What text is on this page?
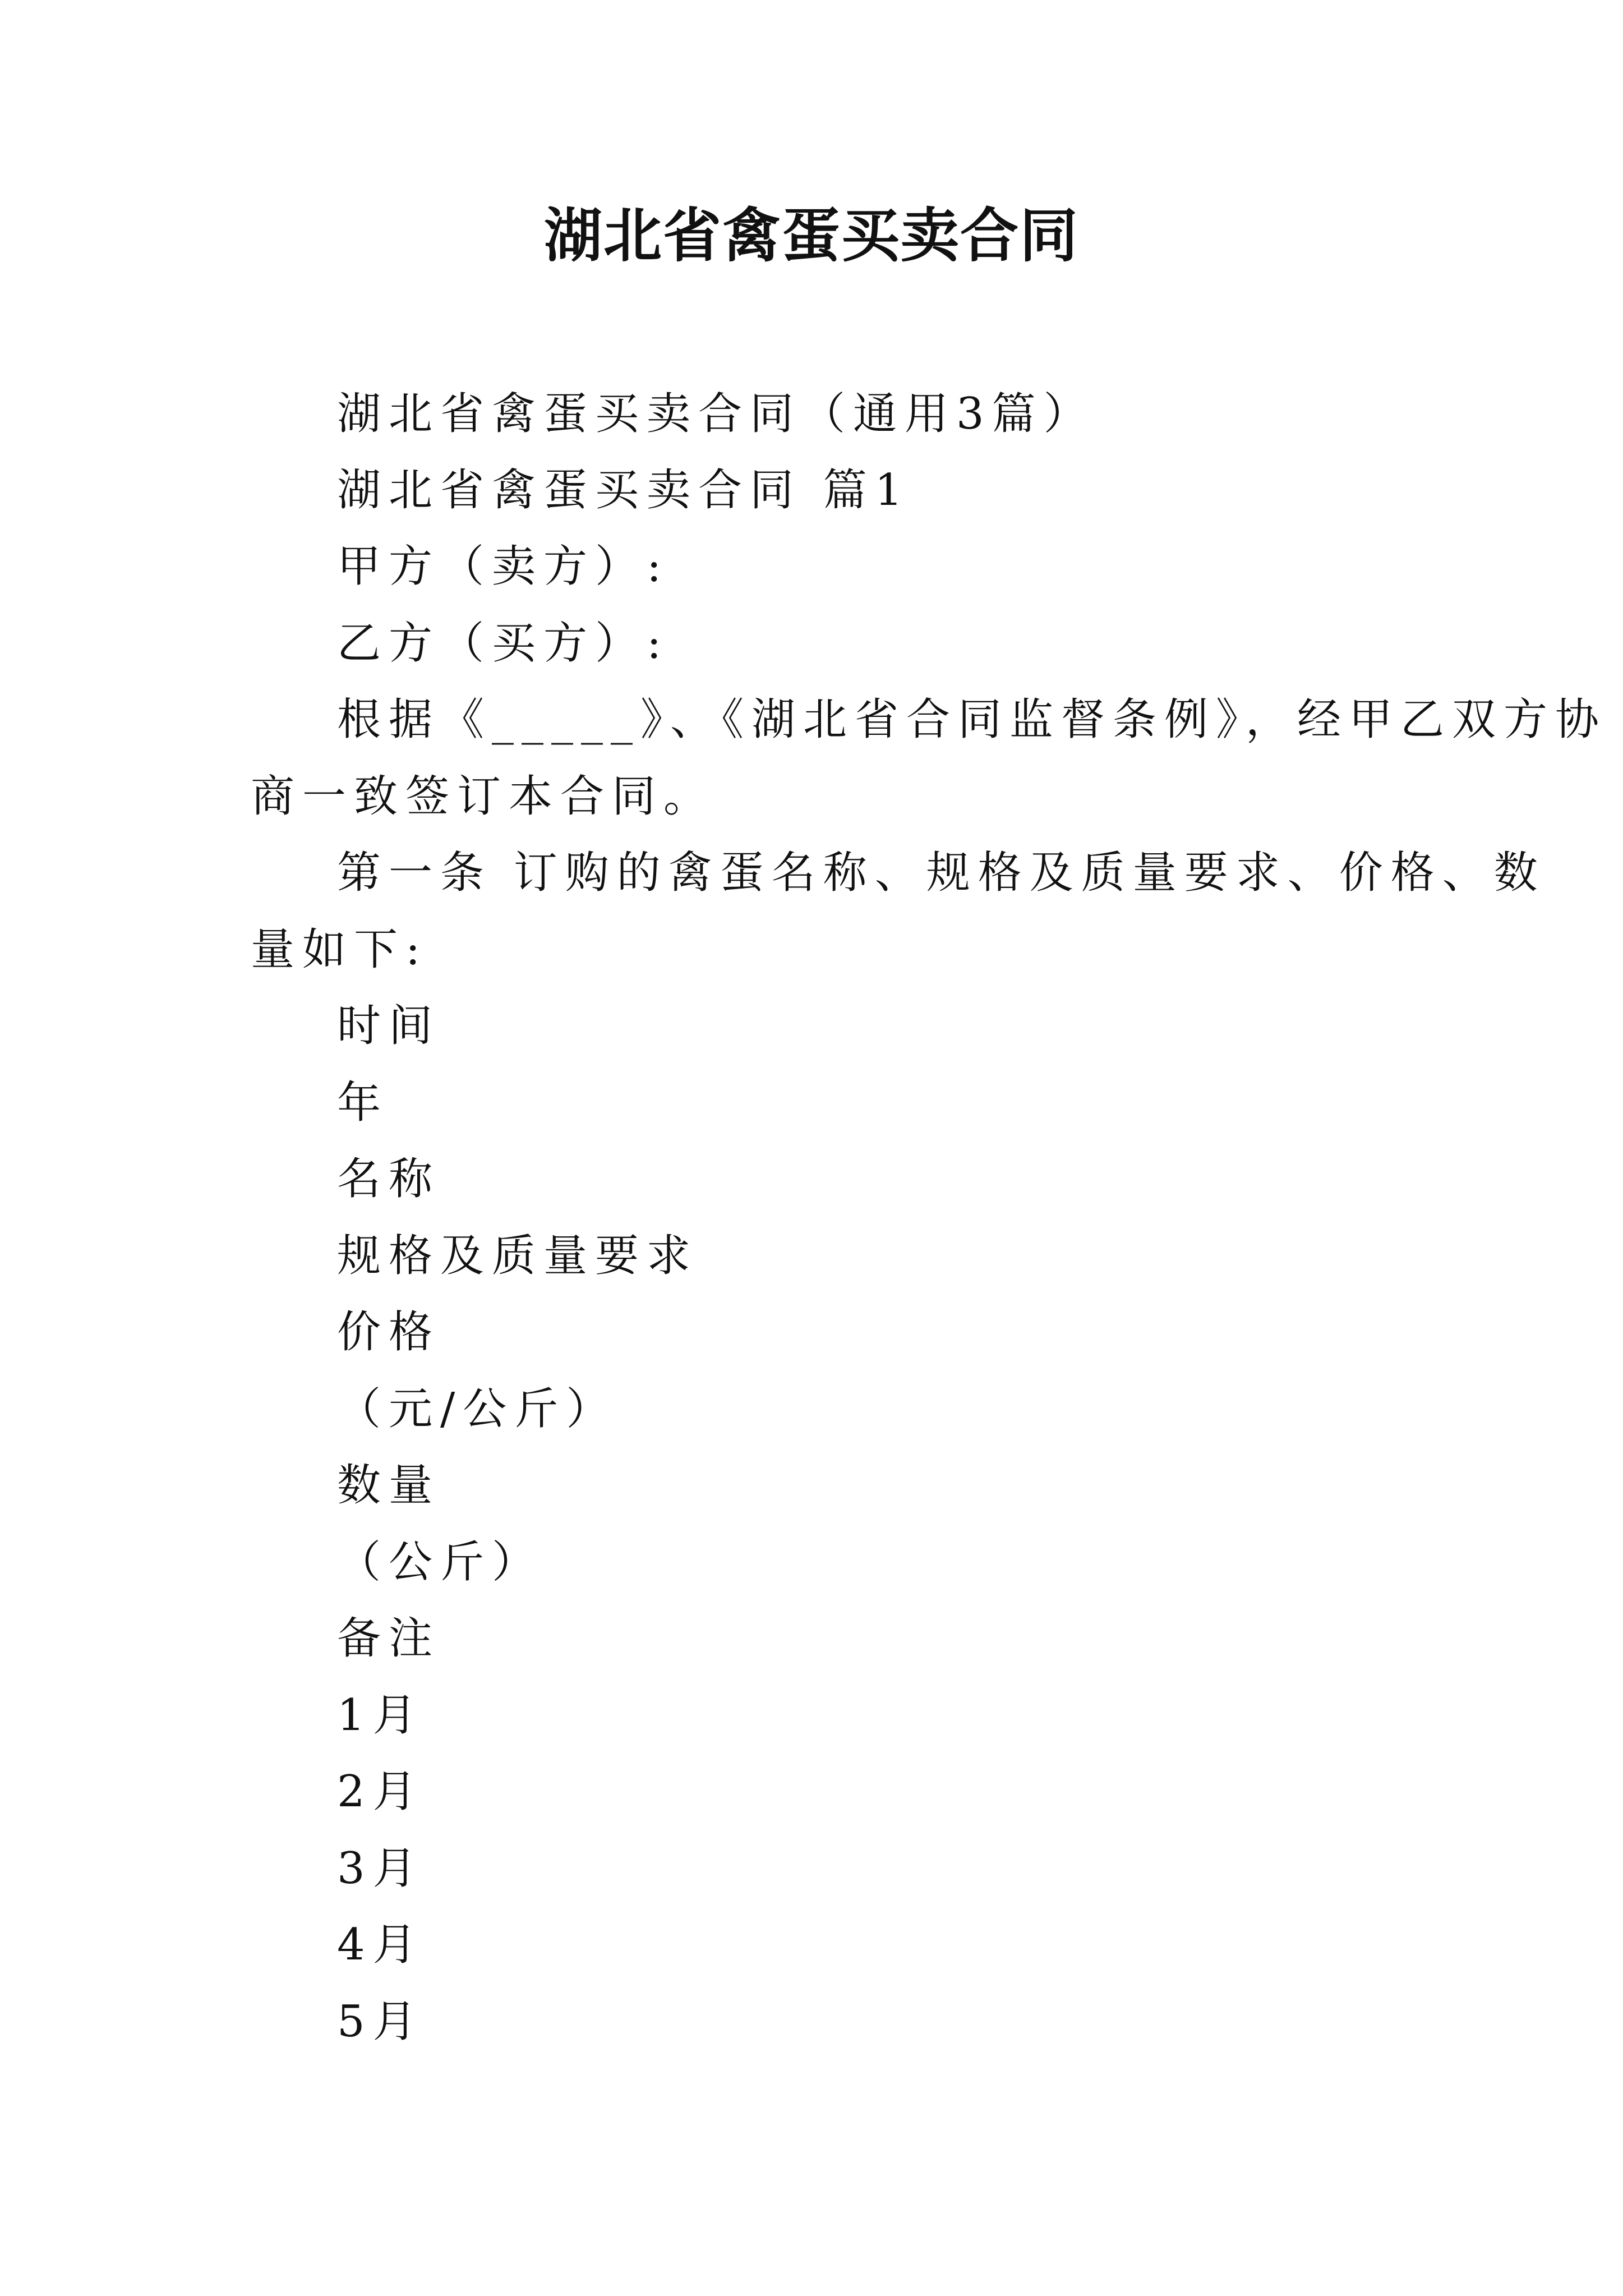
湖北省禽蛋买卖合同
湖北省禽蛋买卖合同（通用3篇）
湖北省禽蛋买卖合同 篇1
甲方（卖方）:
乙方（买方）:
根据《_____》、《湖北省合同监督条例》，经甲乙双方协
商一致签订本合同。
第一条 订购的禽蛋名称、规格及质量要求、价格、数
量如下:
时间
年
名称
规格及质量要求
价格
（元/公斤）
数量
（公斤）
备注
1月
2月
3月
4月
5月
